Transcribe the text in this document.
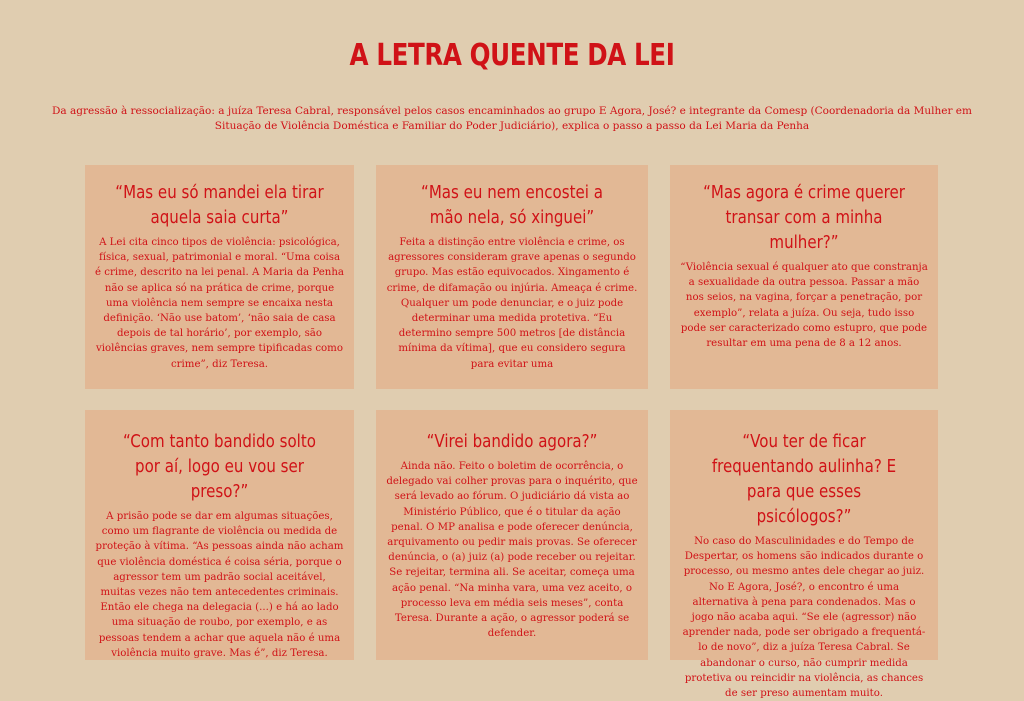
A LETRA QUENTE DA LEI

Da agressão à ressocialização: a juíza Teresa Cabral, responsável pelos casos encaminhados ao grupo E Agora, José? e integrante da Comesp (Coordenadoria da Mulher em Situação de Violência Doméstica e Familiar do Poder Judiciário), explica o passo a passo da Lei Maria da Penha

“Mas eu só mandei ela tirar aquela saia curta”

A Lei cita cinco tipos de violência: psicológica, física, sexual, patrimonial e moral. “Uma coisa é crime, descrito na lei penal. A Maria da Penha não se aplica só na prática de crime, porque uma violência nem sempre se encaixa nesta definição. ‘Não use batom’, ‘não saia de casa depois de tal horário’, por exemplo, são violências graves, nem sempre tipificadas como crime”, diz Teresa.

“Mas eu nem encostei a mão nela, só xinguei”

Feita a distinção entre violência e crime, os agressores consideram grave apenas o segundo grupo. Mas estão equivocados. Xingamento é crime, de difamação ou injúria. Ameaça é crime. Qualquer um pode denunciar, e o juiz pode determinar uma medida protetiva. “Eu determino sempre 500 metros [de distância mínima da vítima], que eu considero segura para evitar uma

“Mas agora é crime querer transar com a minha mulher?”

“Violência sexual é qualquer ato que constranja a sexualidade da outra pessoa. Passar a mão nos seios, na vagina, forçar a penetração, por exemplo”, relata a juíza. Ou seja, tudo isso pode ser caracterizado como estupro, que pode resultar em uma pena de 8 a 12 anos.

“Com tanto bandido solto por aí, logo eu vou ser preso?”

A prisão pode se dar em algumas situações, como um flagrante de violência ou medida de proteção à vítima. “As pessoas ainda não acham que violência doméstica é coisa séria, porque o agressor tem um padrão social aceitável, muitas vezes não tem antecedentes criminais. Então ele chega na delegacia (...) e há ao lado uma situação de roubo, por exemplo, e as pessoas tendem a achar que aquela não é uma violência muito grave. Mas é”, diz Teresa.

“Virei bandido agora?”

Ainda não. Feito o boletim de ocorrência, o delegado vai colher provas para o inquérito, que será levado ao fórum. O judiciário dá vista ao Ministério Público, que é o titular da ação penal. O MP analisa e pode oferecer denúncia, arquivamento ou pedir mais provas. Se oferecer denúncia, o (a) juiz (a) pode receber ou rejeitar. Se rejeitar, termina ali. Se aceitar, começa uma ação penal. “Na minha vara, uma vez aceito, o processo leva em média seis meses”, conta Teresa. Durante a ação, o agressor poderá se defender.

“Vou ter de ficar frequentando aulinha? E para que esses psicólogos?”

No caso do Masculinidades e do Tempo de Despertar, os homens são indicados durante o processo, ou mesmo antes dele chegar ao juiz. No E Agora, José?, o encontro é uma alternativa à pena para condenados. Mas o jogo não acaba aqui. “Se ele (agressor) não aprender nada, pode ser obrigado a frequentá-lo de novo”, diz a juíza Teresa Cabral. Se abandonar o curso, não cumprir medida protetiva ou reincidir na violência, as chances de ser preso aumentam muito.
